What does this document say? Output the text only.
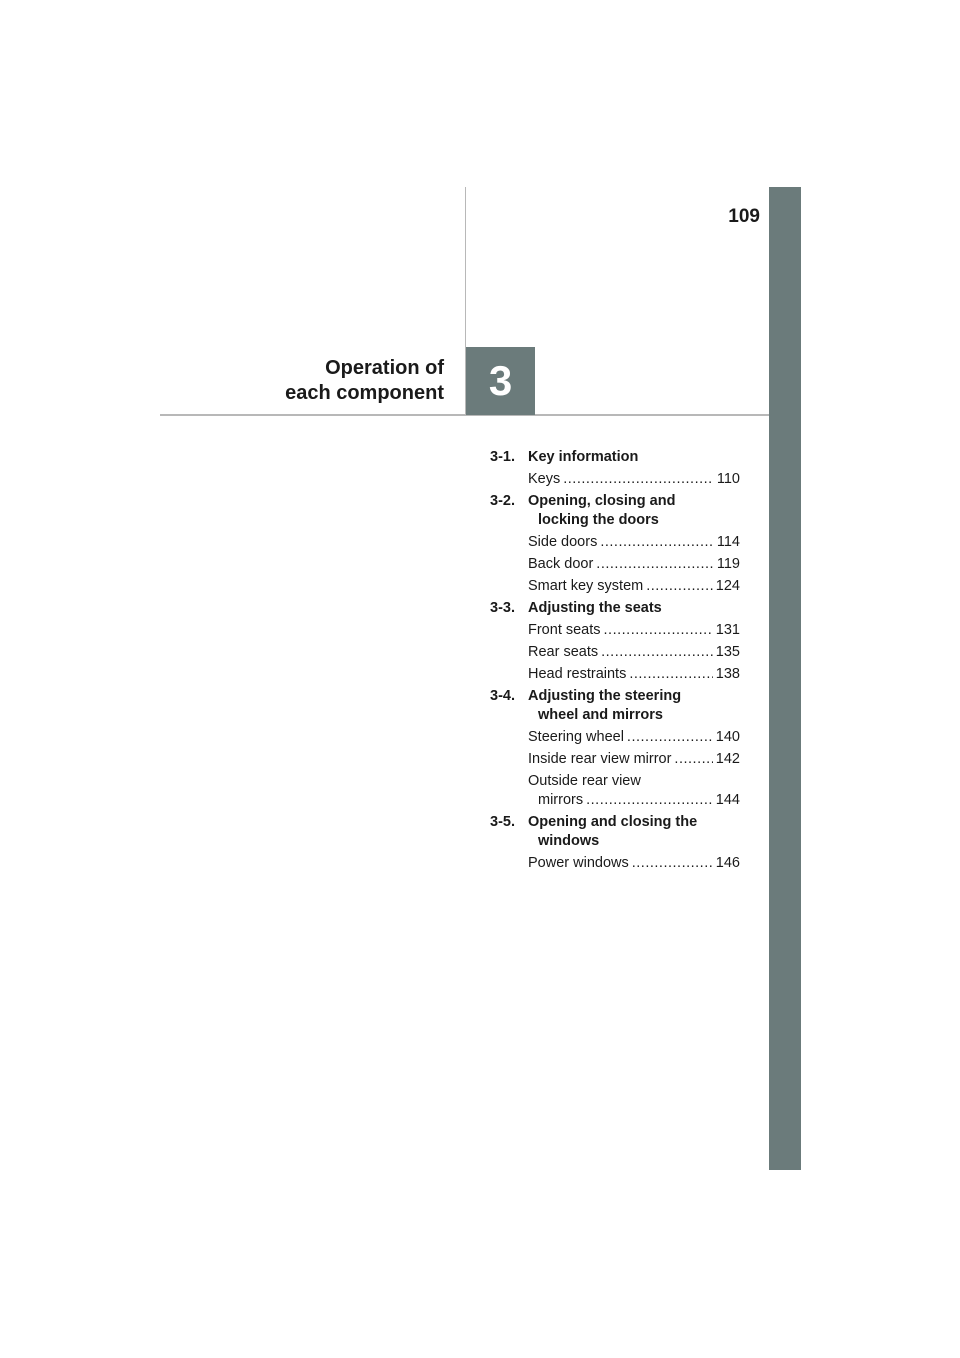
109
3
Operation of
each component
3-1. Key information
Keys .....	110
3-2. Opening, closing and
locking the doors
Side doors .....	114
Back door .....	119
Smart key system .....	124
3-3. Adjusting the seats
Front seats .....	131
Rear seats .....	135
Head restraints .....	138
3-4. Adjusting the steering
wheel and mirrors
Steering wheel .....	140
Inside rear view mirror .....	142
Outside rear view
mirrors .....	144
3-5. Opening and closing the
windows
Power windows .....	146
